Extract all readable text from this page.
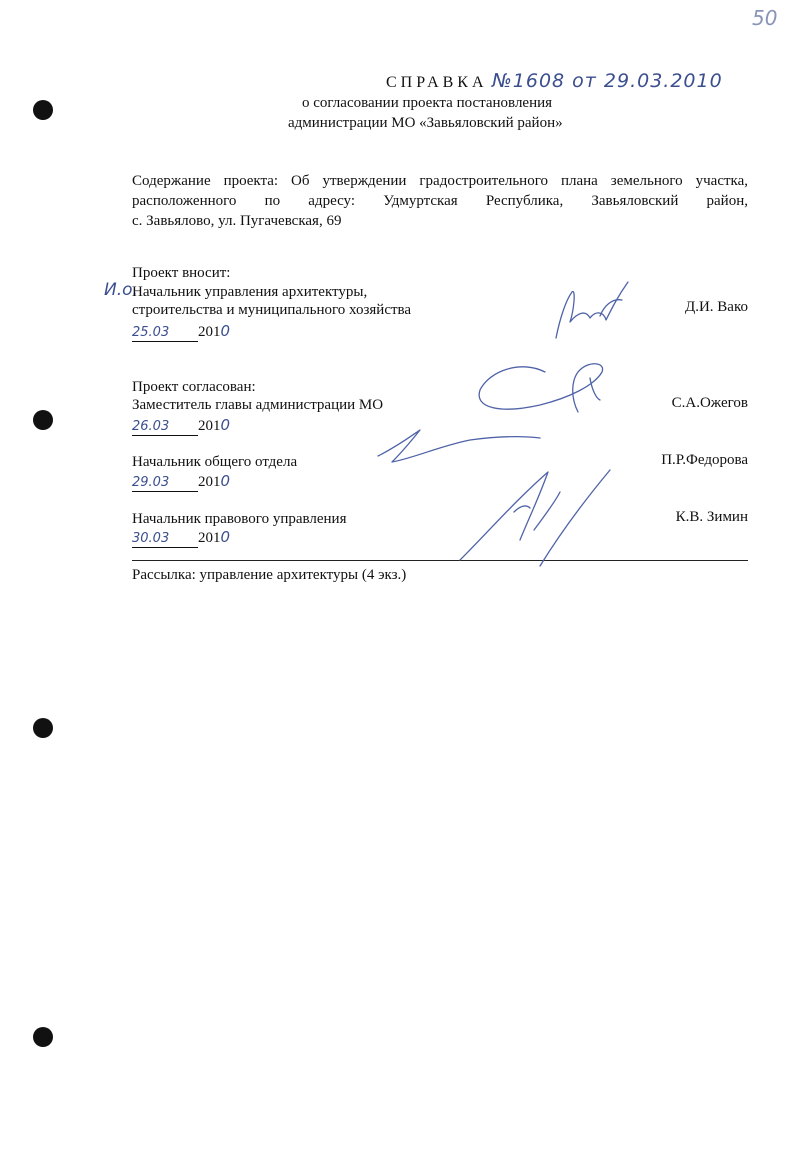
50
СПРАВКА №1608 от 29.03.2010
о согласовании проекта постановления
администрации МО «Завьяловский район»
Содержание проекта: Об утверждении градостроительного плана земельного участка,
расположенного по адресу: Удмуртская Республика, Завьяловский район,
с. Завьялово, ул. Пугачевская, 69
Проект вносит:
И.о.
Начальник управления архитектуры,
строительства и муниципального хозяйства	Д.И. Вако
25.03 2010
Проект согласован:
Заместитель главы администрации МО	С.А.Ожегов
26.03 2010
Начальник общего отдела	П.Р.Федорова
29.03 2010
Начальник правового управления	К.В. Зимин
30.03 2010
Рассылка: управление архитектуры (4 экз.)
